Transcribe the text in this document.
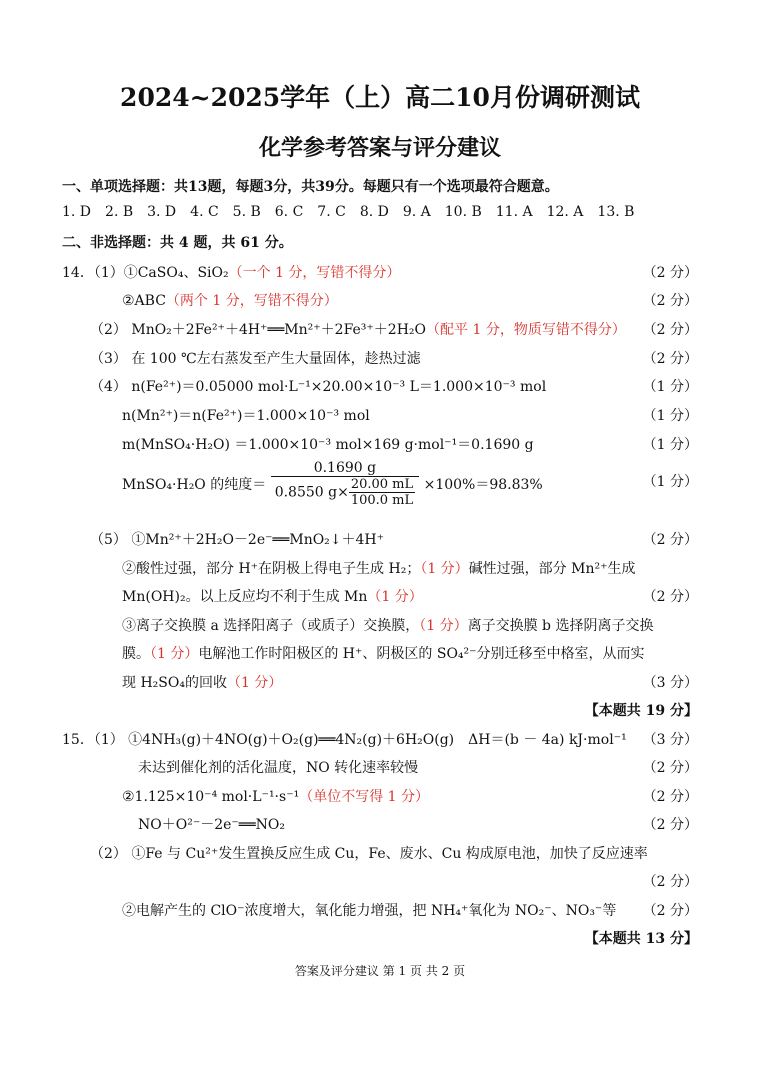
2024~2025学年（上）高二10月份调研测试
化学参考答案与评分建议
一、单项选择题：共13题，每题3分，共39分。每题只有一个选项最符合题意。
1. D　2. B　3. D　4. C　5. B　6. C　7. C　8. D　9. A　10. B　11. A　12. A　13. B
二、非选择题：共 4 题，共 61 分。
14．（1）①CaSO₄、SiO₂（一个 1 分，写错不得分）	（2 分）
②ABC（两个 1 分，写错不得分）	（2 分）
（2） MnO₂＋2Fe²⁺＋4H⁺══Mn²⁺＋2Fe³⁺＋2H₂O（配平 1 分，物质写错不得分） （2 分）
（3） 在 100 ℃左右蒸发至产生大量固体，趁热过滤	（2 分）
（4） n(Fe²⁺)＝0.05000 mol·L⁻¹×20.00×10⁻³ L＝1.000×10⁻³ mol	（1 分）
n(Mn²⁺)＝n(Fe²⁺)＝1.000×10⁻³ mol	（1 分）
m(MnSO₄·H₂O) ＝1.000×10⁻³ mol×169 g·mol⁻¹＝0.1690 g	（1 分）
MnSO₄·H₂O 的纯度＝ $\frac{0.1690 g}{0.8550 g\times \frac{20.00 mL}{100.0 mL}} \times 100\%=98.83\%$	（1 分）
（5） ①Mn²⁺＋2H₂O－2e⁻══MnO₂↓＋4H⁺	（2 分）
②酸性过强，部分 H⁺在阴极上得电子生成 H₂；（1 分）碱性过强，部分 Mn²⁺生成
Mn(OH)₂。以上反应均不利于生成 Mn（1 分）	（2 分）
③离子交换膜 a 选择阳离子（或质子）交换膜，（1 分）离子交换膜 b 选择阴离子交换
膜。（1 分）电解池工作时阳极区的 H⁺、阴极区的 SO₄²⁻分别迁移至中格室，从而实
现 H₂SO₄的回收（1 分）	（3 分）
【本题共 19 分】
15．（1） ①4NH₃(g)＋4NO(g)＋O₂(g)══4N₂(g)＋6H₂O(g)　ΔH＝(b － 4a) kJ·mol⁻¹ （3 分）
未达到催化剂的活化温度，NO 转化速率较慢	（2 分）
②1.125×10⁻⁴ mol·L⁻¹·s⁻¹（单位不写得 1 分）	（2 分）
NO＋O²⁻－2e⁻══NO₂	（2 分）
（2） ①Fe 与 Cu²⁺发生置换反应生成 Cu，Fe、废水、Cu 构成原电池，加快了反应速率
（2 分）
②电解产生的 ClO⁻浓度增大，氧化能力增强，把 NH₄⁺氧化为 NO₂⁻、NO₃⁻等 （2 分）
【本题共 13 分】
答案及评分建议 第 1 页 共 2 页
